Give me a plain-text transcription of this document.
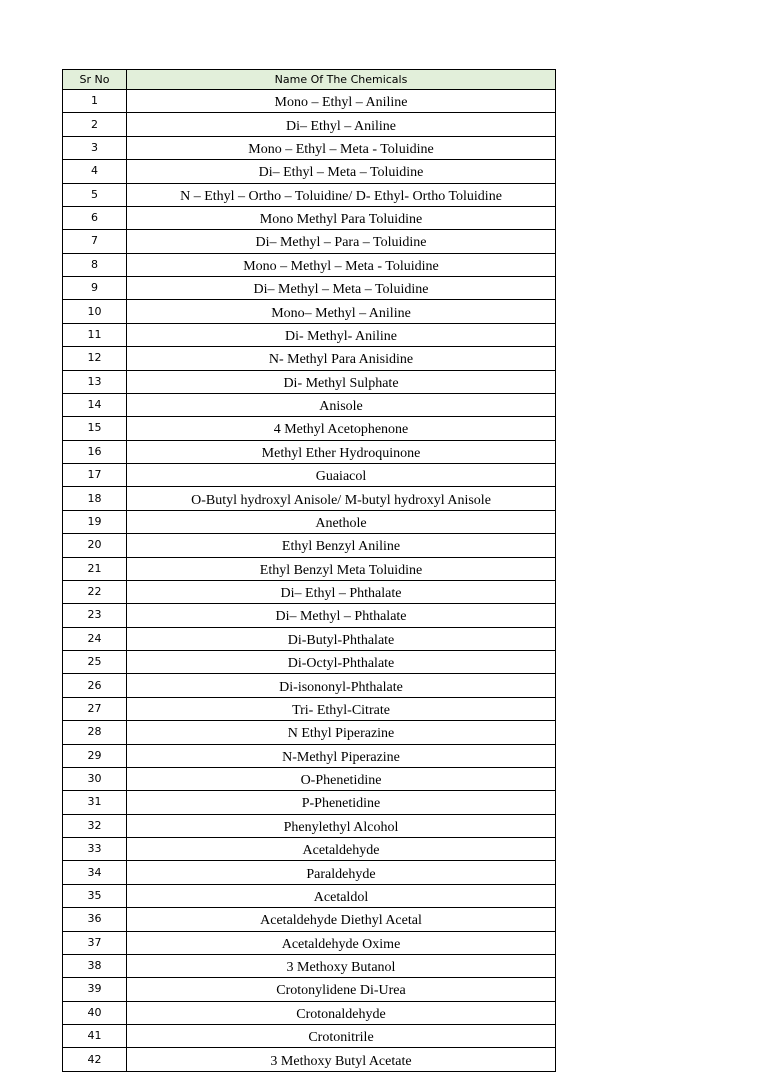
Sr No	Name Of The Chemicals
1	Mono – Ethyl – Aniline
2	Di– Ethyl – Aniline
3	Mono – Ethyl – Meta - Toluidine
4	Di– Ethyl – Meta – Toluidine
5	N – Ethyl – Ortho – Toluidine/ D- Ethyl- Ortho Toluidine
6	Mono Methyl Para Toluidine
7	Di– Methyl – Para – Toluidine
8	Mono – Methyl – Meta - Toluidine
9	Di– Methyl – Meta – Toluidine
10	Mono– Methyl – Aniline
11	Di- Methyl- Aniline
12	N- Methyl Para Anisidine
13	Di- Methyl Sulphate
14	Anisole
15	4 Methyl Acetophenone
16	Methyl Ether Hydroquinone
17	Guaiacol
18	O-Butyl hydroxyl Anisole/ M-butyl hydroxyl Anisole
19	Anethole
20	Ethyl Benzyl Aniline
21	Ethyl Benzyl Meta Toluidine
22	Di– Ethyl – Phthalate
23	Di– Methyl – Phthalate
24	Di-Butyl-Phthalate
25	Di-Octyl-Phthalate
26	Di-isononyl-Phthalate
27	Tri- Ethyl-Citrate
28	N Ethyl Piperazine
29	N-Methyl Piperazine
30	O-Phenetidine
31	P-Phenetidine
32	Phenylethyl Alcohol
33	Acetaldehyde
34	Paraldehyde
35	Acetaldol
36	Acetaldehyde Diethyl Acetal
37	Acetaldehyde Oxime
38	3 Methoxy Butanol
39	Crotonylidene Di-Urea
40	Crotonaldehyde
41	Crotonitrile
42	3 Methoxy Butyl Acetate
